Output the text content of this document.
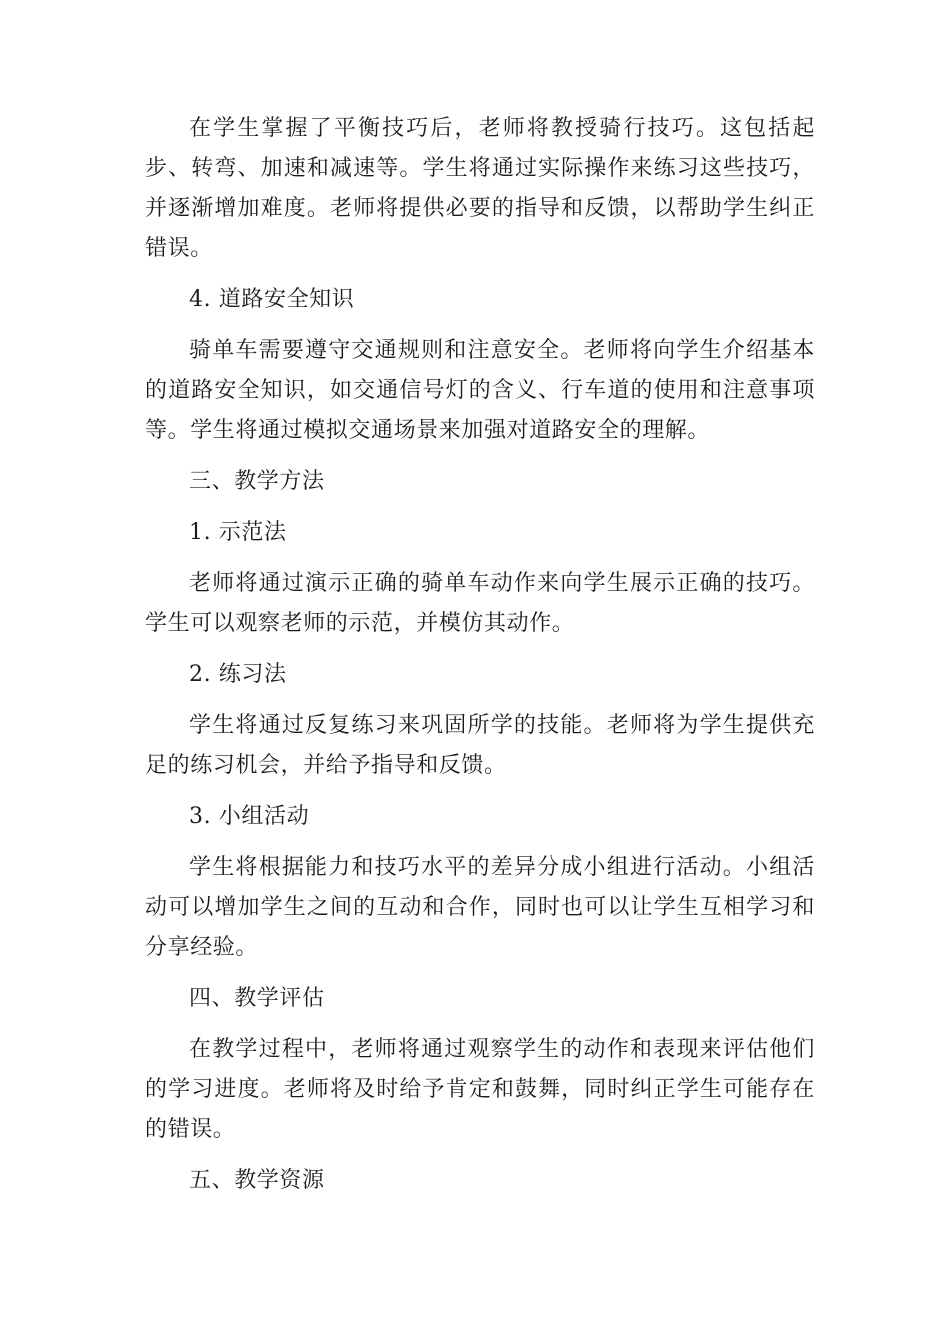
在学生掌握了平衡技巧后，老师将教授骑行技巧。这包括起步、转弯、加速和减速等。学生将通过实际操作来练习这些技巧，并逐渐增加难度。老师将提供必要的指导和反馈，以帮助学生纠正错误。

4. 道路安全知识

骑单车需要遵守交通规则和注意安全。老师将向学生介绍基本的道路安全知识，如交通信号灯的含义、行车道的使用和注意事项等。学生将通过模拟交通场景来加强对道路安全的理解。

三、教学方法

1. 示范法

老师将通过演示正确的骑单车动作来向学生展示正确的技巧。学生可以观察老师的示范，并模仿其动作。

2. 练习法

学生将通过反复练习来巩固所学的技能。老师将为学生提供充足的练习机会，并给予指导和反馈。

3. 小组活动

学生将根据能力和技巧水平的差异分成小组进行活动。小组活动可以增加学生之间的互动和合作，同时也可以让学生互相学习和分享经验。

四、教学评估

在教学过程中，老师将通过观察学生的动作和表现来评估他们的学习进度。老师将及时给予肯定和鼓舞，同时纠正学生可能存在的错误。

五、教学资源
